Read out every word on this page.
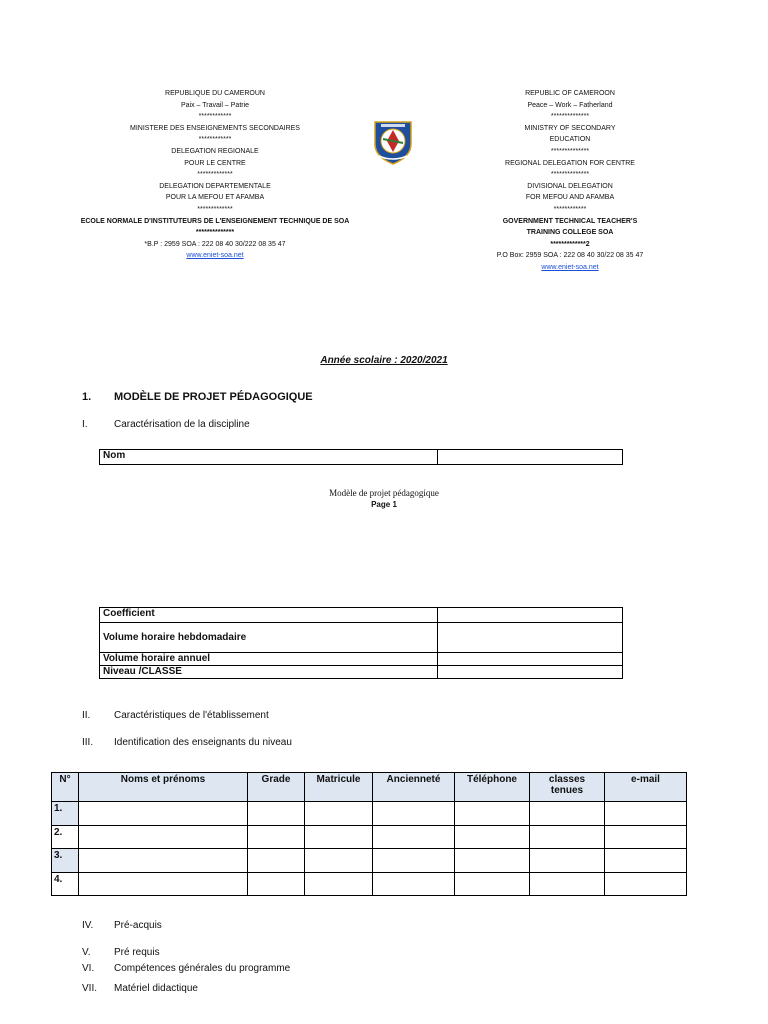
REPUBLIQUE DU CAMEROUN
Paix – Travail – Patrie
************
MINISTERE DES ENSEIGNEMENTS SECONDAIRES
************
DELEGATION REGIONALE
POUR LE CENTRE
*************
DELEGATION DEPARTEMENTALE
POUR LA MEFOU ET AFAMBA
*************
ECOLE NORMALE D'INSTITUTEURS DE L'ENSEIGNEMENT TECHNIQUE DE SOA
**************
*B.P : 2959 SOA : 222 08 40 30/222 08 35 47
www.eniet-soa.net
REPUBLIC OF CAMEROON
Peace – Work – Fatherland
**************
MINISTRY OF SECONDARY
EDUCATION
**************
REGIONAL DELEGATION FOR CENTRE
**************
DIVISIONAL DELEGATION
FOR MEFOU AND AFAMBA
************
GOVERNMENT TECHNICAL TEACHER'S
TRAINING COLLEGE SOA
*************2
P.O Box: 2959 SOA : 222 08 40 30/22 08 35 47
www.eniet-soa.net
Année scolaire : 2020/2021
1.	MODÈLE DE PROJET PÉDAGOGIQUE
I.	Caractérisation de la discipline
Nom	
Modèle de projet pédagogique
Page 1
Coefficient	
Volume horaire hebdomadaire	
Volume horaire annuel	
Niveau /CLASSE	
II. Caractéristiques de l'établissement
III. Identification des enseignants du niveau
N°	Noms et prénoms	Grade	Matricule	Ancienneté	Téléphone	classes tenues	e-mail
1.							
2.							
3.							
4.							
IV. Pré-acquis
V. Pré requis
VI. Compétences générales du programme
VII. Matériel didactique
